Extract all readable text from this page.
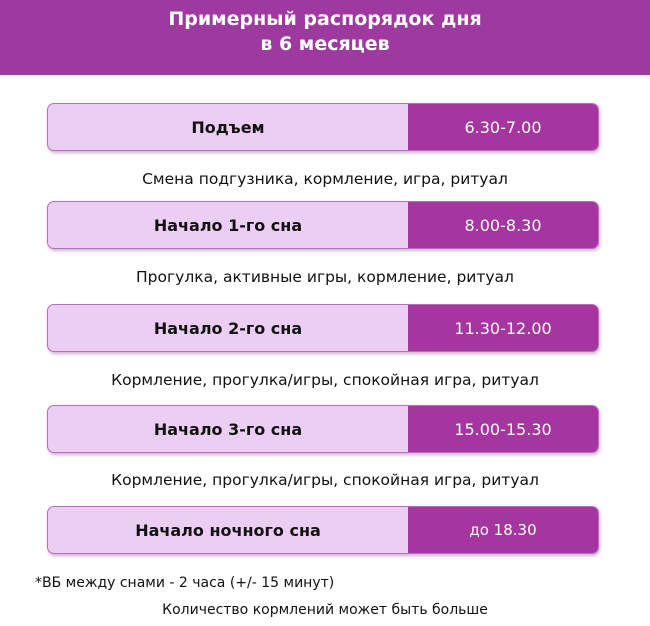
Примерный распорядок дня
в 6 месяцев
Подъем	6.30-7.00
Смена подгузника, кормление, игра, ритуал
Начало 1-го сна	8.00-8.30
Прогулка, активные игры, кормление, ритуал
Начало 2-го сна	11.30-12.00
Кормление, прогулка/игры, спокойная игра, ритуал
Начало 3-го сна	15.00-15.30
Кормление, прогулка/игры, спокойная игра, ритуал
Начало ночного сна	до 18.30
*ВБ между снами - 2 часа (+/- 15 минут)
Количество кормлений может быть больше
